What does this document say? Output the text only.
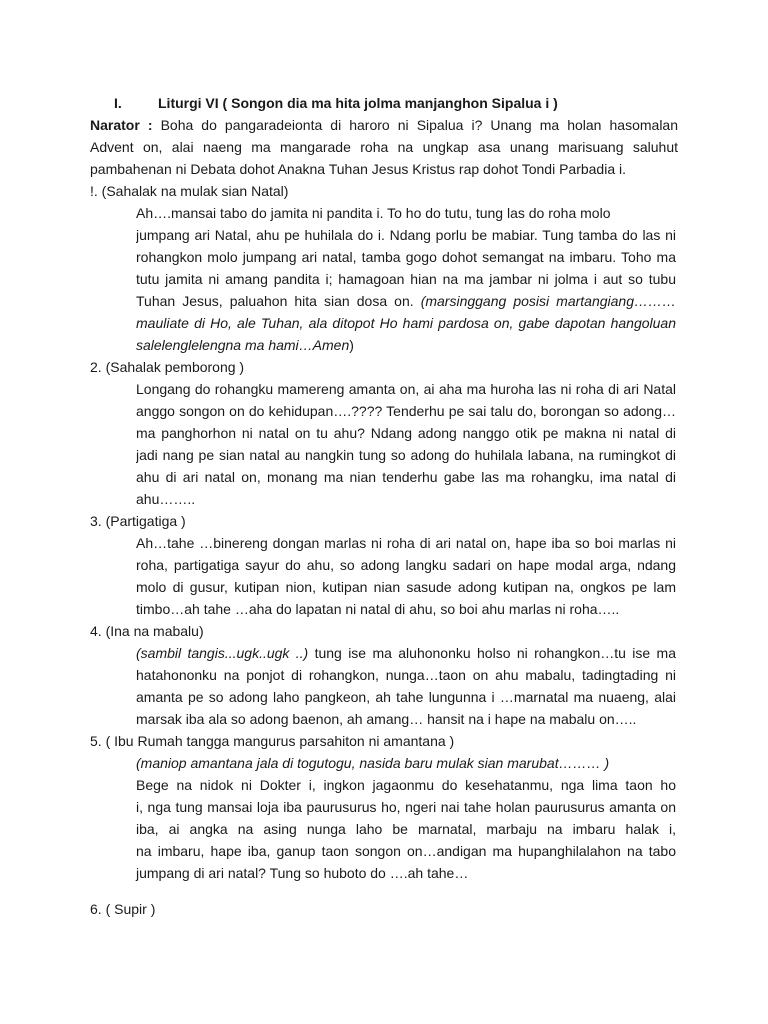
I.	Liturgi VI ( Songon dia ma hita jolma manjanghon Sipalua i )
Narator : Boha do pangaradeionta di haroro ni Sipalua i? Unang ma holan hasomalan
Advent on, alai naeng ma mangarade roha na ungkap asa unang marisuang saluhut
pambahenan ni Debata dohot Anakna Tuhan Jesus Kristus rap dohot Tondi Parbadia i.
!. (Sahalak na mulak sian Natal)
Ah….mansai tabo do jamita ni pandita i. To ho do tutu, tung las do roha molo
jumpang ari Natal, ahu pe huhilala do i. Ndang porlu be mabiar. Tung tamba do las ni
rohangkon molo jumpang ari natal, tamba gogo dohot semangat na imbaru. Toho ma
tutu jamita ni amang pandita i; hamagoan hian na ma jambar ni jolma i aut so tubu
Tuhan Jesus, paluahon hita sian dosa on. (marsinggang posisi martangiang………
mauliate di Ho, ale Tuhan, ala ditopot Ho hami pardosa on, gabe dapotan hangoluan
salelenglelengna ma hami…Amen)
2. (Sahalak pemborong )
Longang do rohangku mamereng amanta on, ai aha ma huroha las ni roha di ari Natal
anggo songon on do kehidupan….???? Tenderhu pe sai talu do, borongan so adong…
ma panghorhon ni natal on tu ahu? Ndang adong nanggo otik pe makna ni natal di
jadi nang pe sian natal au nangkin tung so adong do huhilala labana, na rumingkot di
ahu di ari natal on, monang ma nian tenderhu gabe las ma rohangku, ima natal di
ahu……..
3. (Partigatiga )
Ah…tahe …binereng dongan marlas ni roha di ari natal on, hape iba so boi marlas ni
roha, partigatiga sayur do ahu, so adong langku sadari on hape modal arga, ndang
molo di gusur, kutipan nion, kutipan nian sasude adong kutipan na, ongkos pe lam
timbo…ah tahe …aha do lapatan ni natal di ahu, so boi ahu marlas ni roha…..
4. (Ina na mabalu)
(sambil tangis...ugk..ugk ..) tung ise ma aluhononku holso ni rohangkon…tu ise ma
hatahononku na ponjot di rohangkon, nunga…taon on ahu mabalu, tadingtading ni
amanta pe so adong laho pangkeon, ah tahe lungunna i …marnatal ma nuaeng, alai
marsak iba ala so adong baenon, ah amang… hansit na i hape na mabalu on…..
5. ( Ibu Rumah tangga mangurus parsahiton ni amantana )
(maniop amantana jala di togutogu, nasida baru mulak sian marubat……… )
Bege na nidok ni Dokter i, ingkon jagaonmu do kesehatanmu, nga lima taon ho
i, nga tung mansai loja iba paurusurus ho, ngeri nai tahe holan paurusurus amanta on
iba, ai angka na asing nunga laho be marnatal, marbaju na imbaru halak i,
na imbaru, hape iba, ganup taon songon on…andigan ma hupanghilalahon na tabo
jumpang di ari natal? Tung so huboto do ….ah tahe…
6. ( Supir )
